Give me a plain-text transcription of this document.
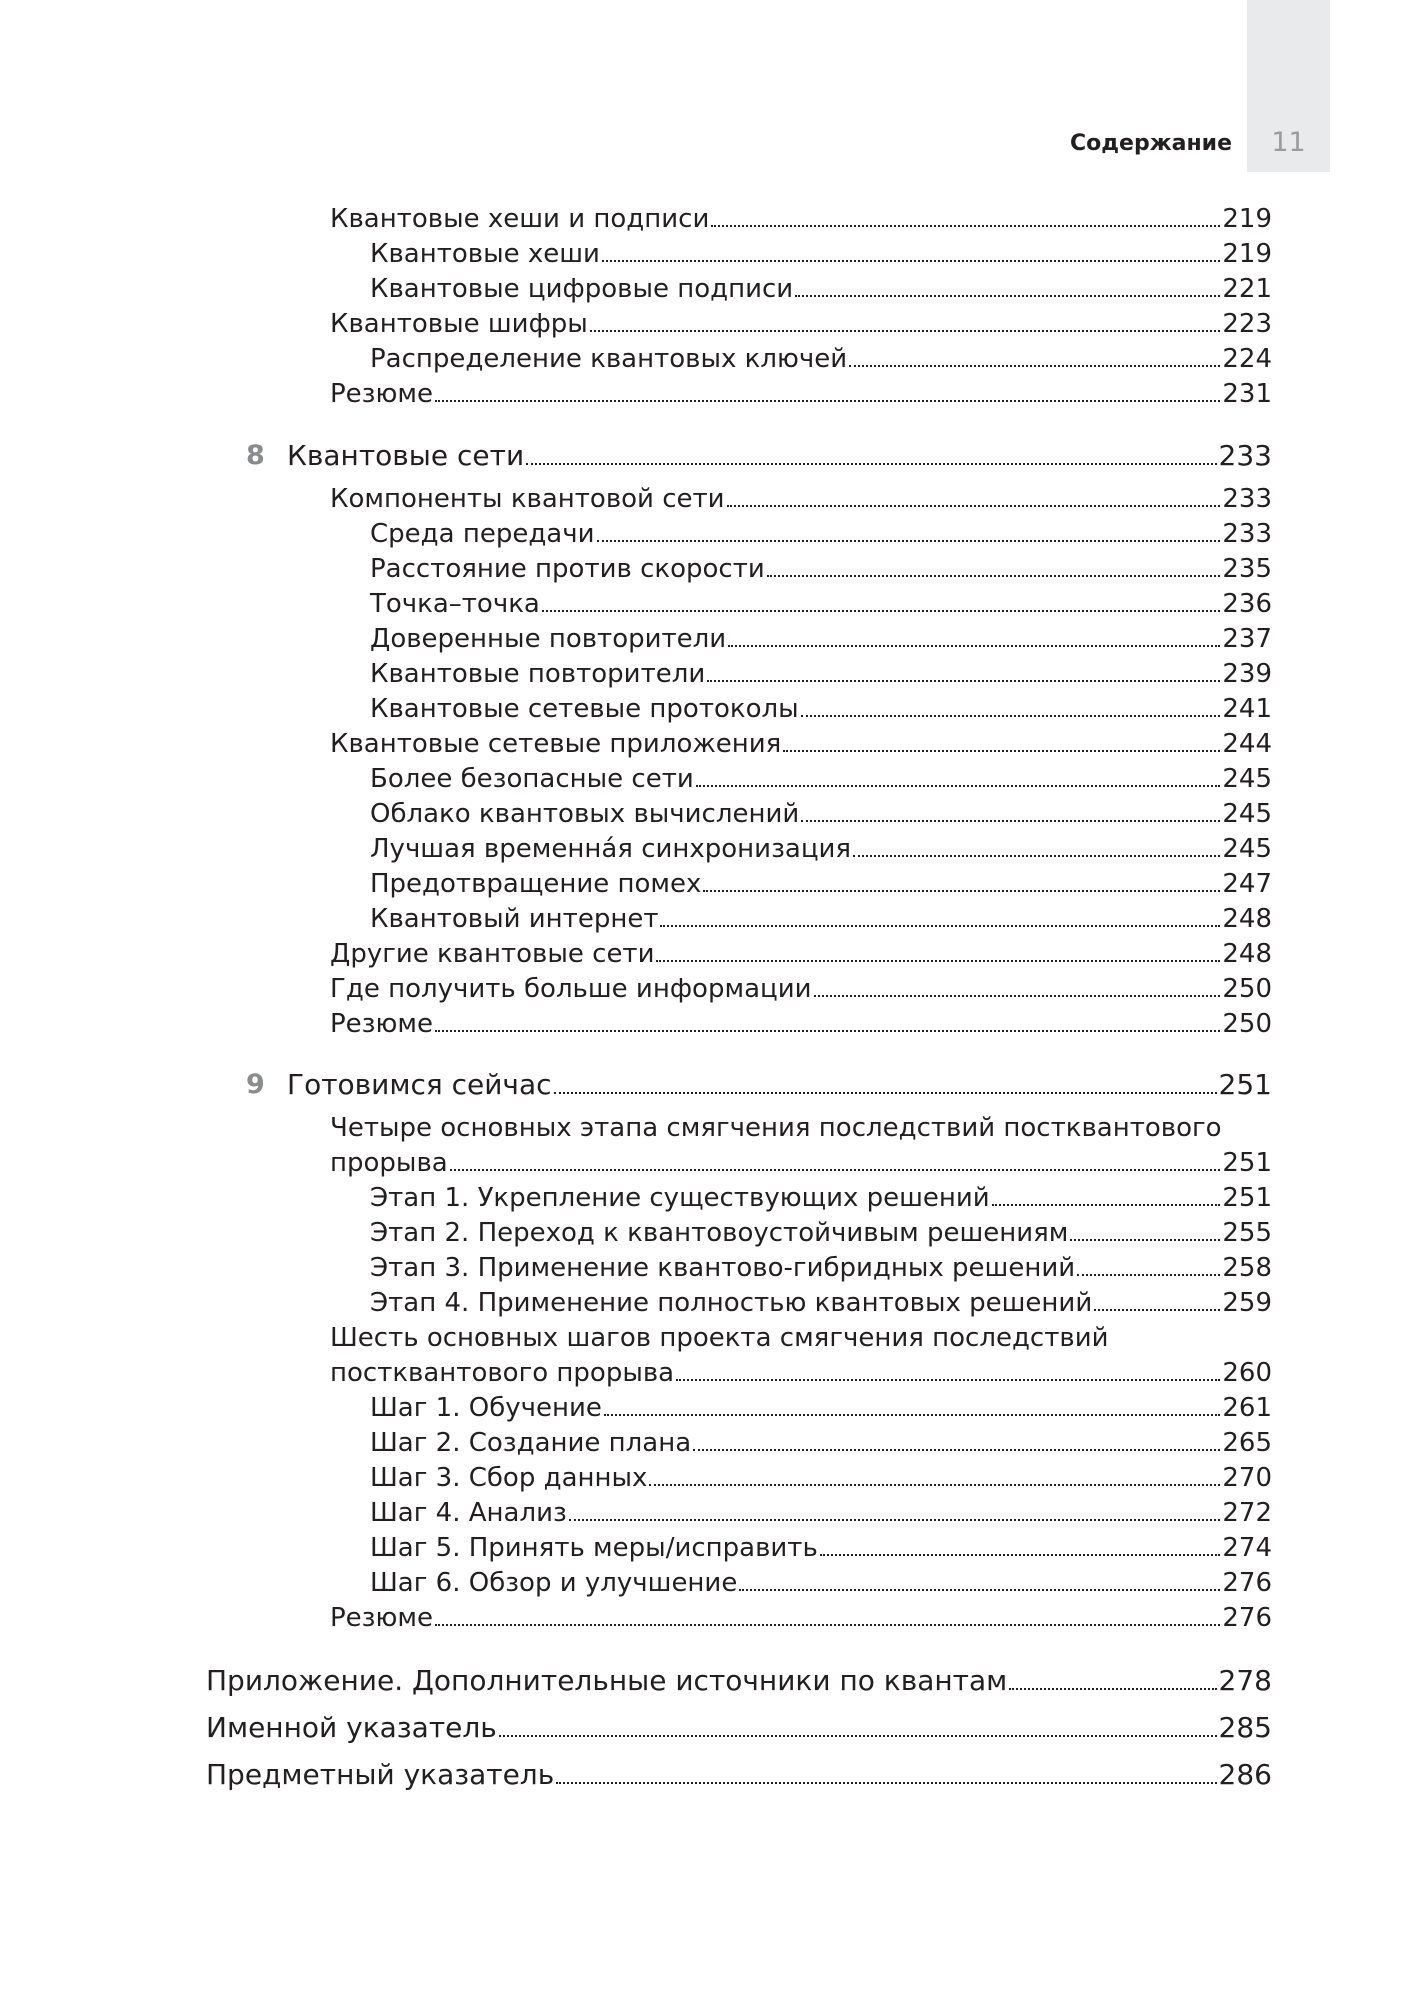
11
Содержание
Квантовые хеши и подписи	219
Квантовые хеши	219
Квантовые цифровые подписи	221
Квантовые шифры	223
Распределение квантовых ключей	224
Резюме	231
8 Квантовые сети	233
Компоненты квантовой сети	233
Среда передачи	233
Расстояние против скорости	235
Точка–точка	236
Доверенные повторители	237
Квантовые повторители	239
Квантовые сетевые протоколы	241
Квантовые сетевые приложения	244
Более безопасные сети	245
Облако квантовых вычислений	245
Лучшая временна́я синхронизация	245
Предотвращение помех	247
Квантовый интернет	248
Другие квантовые сети	248
Где получить больше информации	250
Резюме	250
9 Готовимся сейчас	251
Четыре основных этапа смягчения последствий постквантового
прорыва	251
Этап 1. Укрепление существующих решений	251
Этап 2. Переход к квантовоустойчивым решениям	255
Этап 3. Применение квантово-гибридных решений	258
Этап 4. Применение полностью квантовых решений	259
Шесть основных шагов проекта смягчения последствий
постквантового прорыва	260
Шаг 1. Обучение	261
Шаг 2. Создание плана	265
Шаг 3. Сбор данных	270
Шаг 4. Анализ	272
Шаг 5. Принять меры/исправить	274
Шаг 6. Обзор и улучшение	276
Резюме	276
Приложение. Дополнительные источники по квантам	278
Именной указатель	285
Предметный указатель	286
